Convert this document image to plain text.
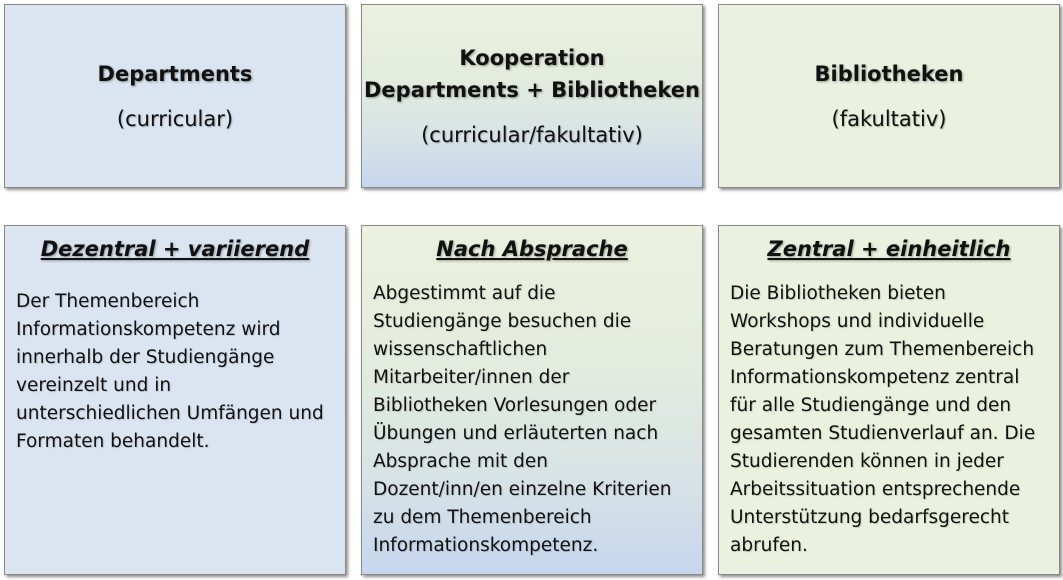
Departments
(curricular)
Kooperation
Departments + Bibliotheken
(curricular/fakultativ)
Bibliotheken
(fakultativ)
Dezentral + variierend
Der Themenbereich
Informationskompetenz wird
innerhalb der Studiengänge
vereinzelt und in
unterschiedlichen Umfängen und
Formaten behandelt.
Nach Absprache
Abgestimmt auf die
Studiengänge besuchen die
wissenschaftlichen
Mitarbeiter/innen der
Bibliotheken Vorlesungen oder
Übungen und erläuterten nach
Absprache mit den
Dozent/inn/en einzelne Kriterien
zu dem Themenbereich
Informationskompetenz.
Zentral + einheitlich
Die Bibliotheken bieten
Workshops und individuelle
Beratungen zum Themenbereich
Informationskompetenz zentral
für alle Studiengänge und den
gesamten Studienverlauf an. Die
Studierenden können in jeder
Arbeitssituation entsprechende
Unterstützung bedarfsgerecht
abrufen.
